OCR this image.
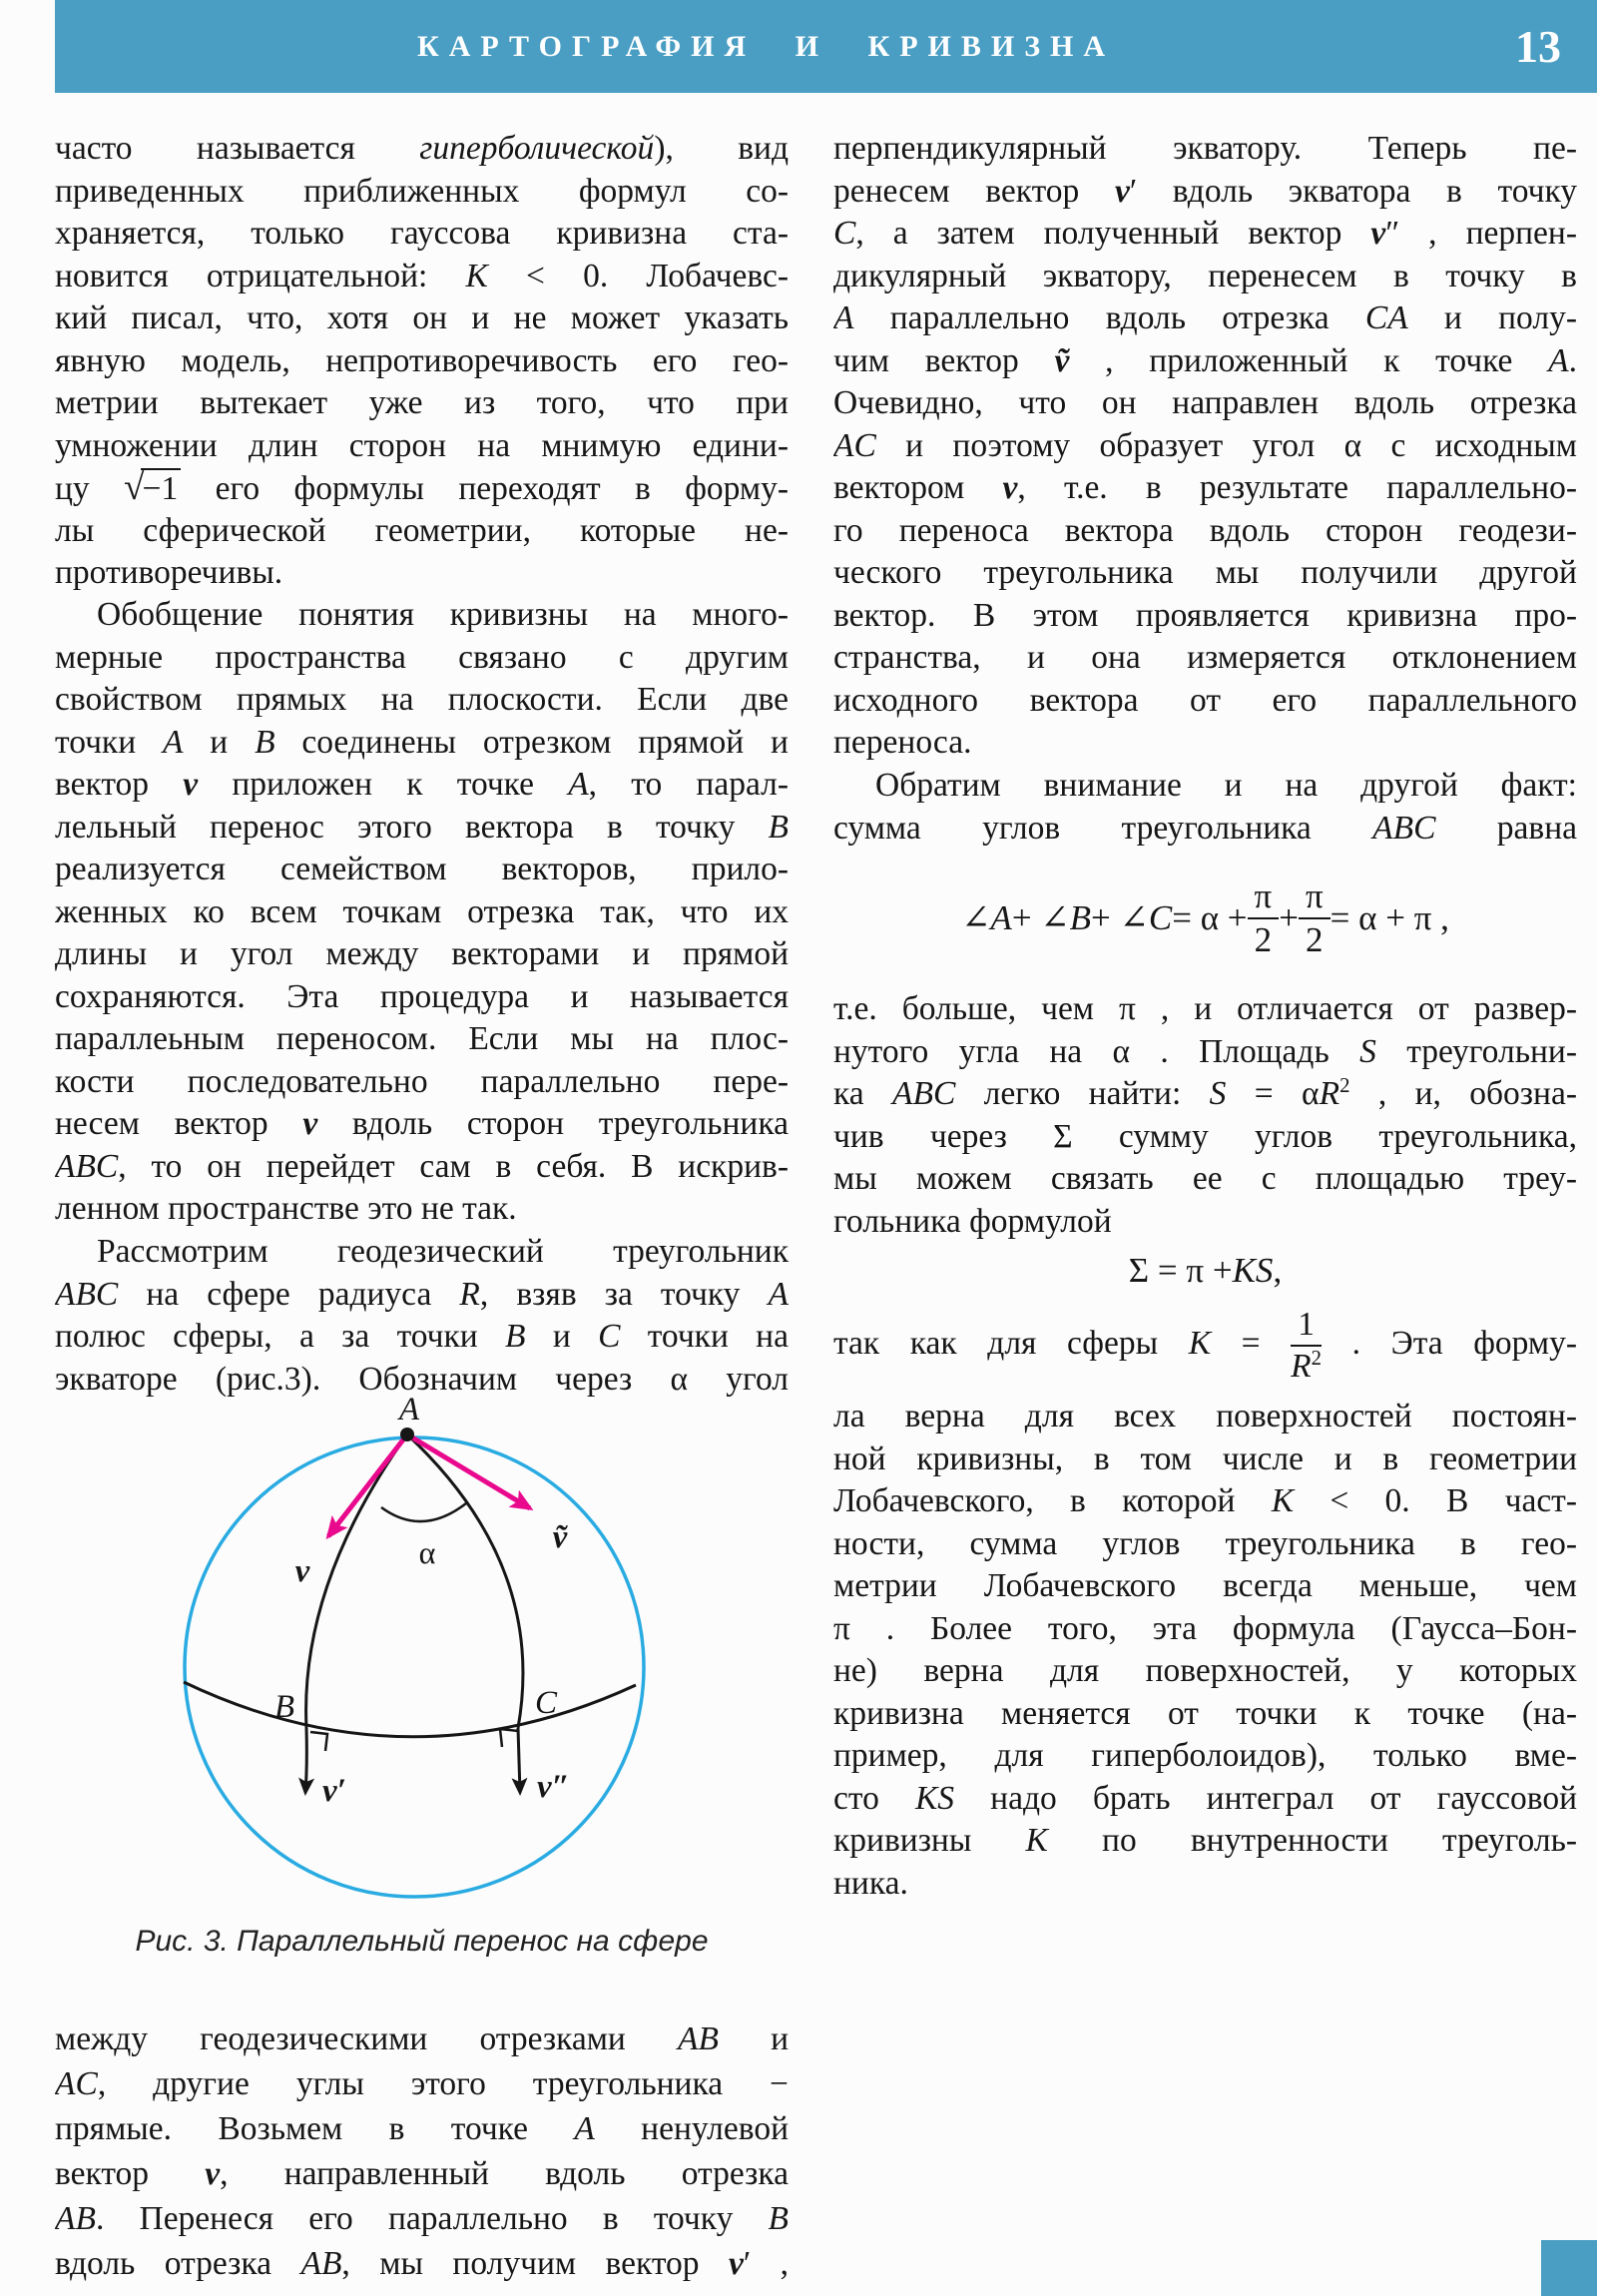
КАРТОГРАФИЯ И КРИВИЗНА	13
часто называется гиперболической), вид
приведенных приближенных формул со-
храняется, только гауссова кривизна ста-
новится отрицательной: K < 0. Лобачевс-
кий писал, что, хотя он и не может указать
явную модель, непротиворечивость его гео-
метрии вытекает уже из того, что при
умножении длин сторон на мнимую едини-
цу √−1 его формулы переходят в форму-
лы сферической геометрии, которые не-
противоречивы.
Обобщение понятия кривизны на много-
мерные пространства связано с другим
свойством прямых на плоскости. Если две
точки A и B соединены отрезком прямой и
вектор v приложен к точке A, то парал-
лельный перенос этого вектора в точку B
реализуется семейством векторов, прило-
женных ко всем точкам отрезка так, что их
длины и угол между векторами и прямой
сохраняются. Эта процедура и называется
параллеьным переносом. Если мы на плос-
кости последовательно параллельно пере-
несем вектор v вдоль сторон треугольника
ABC, то он перейдет сам в себя. В искрив-
ленном пространстве это не так.
Рассмотрим геодезический треугольник
ABC на сфере радиуса R, взяв за точку A
полюс сферы, а за точки B и C точки на
экваторе (рис.3). Обозначим через α угол
A
B	C
α
v
ṽ
v′	v″
Рис. 3. Параллельный перенос на сфере
между геодезическими отрезками AB и
AC, другие углы этого треугольника −
прямые. Возьмем в точке A ненулевой
вектор v, направленный вдоль отрезка
AB. Перенеся его параллельно в точку B
вдоль отрезка AB, мы получим вектор v′ ,
перпендикулярный экватору. Теперь пе-
ренесем вектор v′ вдоль экватора в точку
C, а затем полученный вектор v″ , перпен-
дикулярный экватору, перенесем в точку в
A параллельно вдоль отрезка CA и полу-
чим вектор ṽ , приложенный к точке A.
Очевидно, что он направлен вдоль отрезка
AC и поэтому образует угол α с исходным
вектором v, т.е. в результате параллельно-
го переноса вектора вдоль сторон геодези-
ческого треугольника мы получили другой
вектор. В этом проявляется кривизна про-
странства, и она измеряется отклонением
исходного вектора от его параллельного
переноса.
Обратим внимание и на другой факт:
сумма углов треугольника ABC равна
∠ A + ∠ B + ∠ $C = \alpha + \frac{\pi}{2} + \frac{\pi}{2} = \alpha + \pi$ ,
т.е. больше, чем π , и отличается от развер-
нутого угла на α . Площадь S треугольни-
ка ABC легко найти: $S = \alpha R^2$ , и, обозна-
чив через Σ сумму углов треугольника,
мы можем связать ее с площадью треу-
гольника формулой
Σ = π + KS ,
так как для сферы $K = \frac{1}{R^2}$ . Эта форму-
ла верна для всех поверхностей постоян-
ной кривизны, в том числе и в геометрии
Лобачевского, в которой K < 0. В част-
ности, сумма углов треугольника в гео-
метрии Лобачевского всегда меньше, чем
π . Более того, эта формула (Гаусса–Бон-
не) верна для поверхностей, у которых
кривизна меняется от точки к точке (на-
пример, для гиперболоидов), только вме-
сто KS надо брать интеграл от гауссовой
кривизны K по внутренности треуголь-
ника.
